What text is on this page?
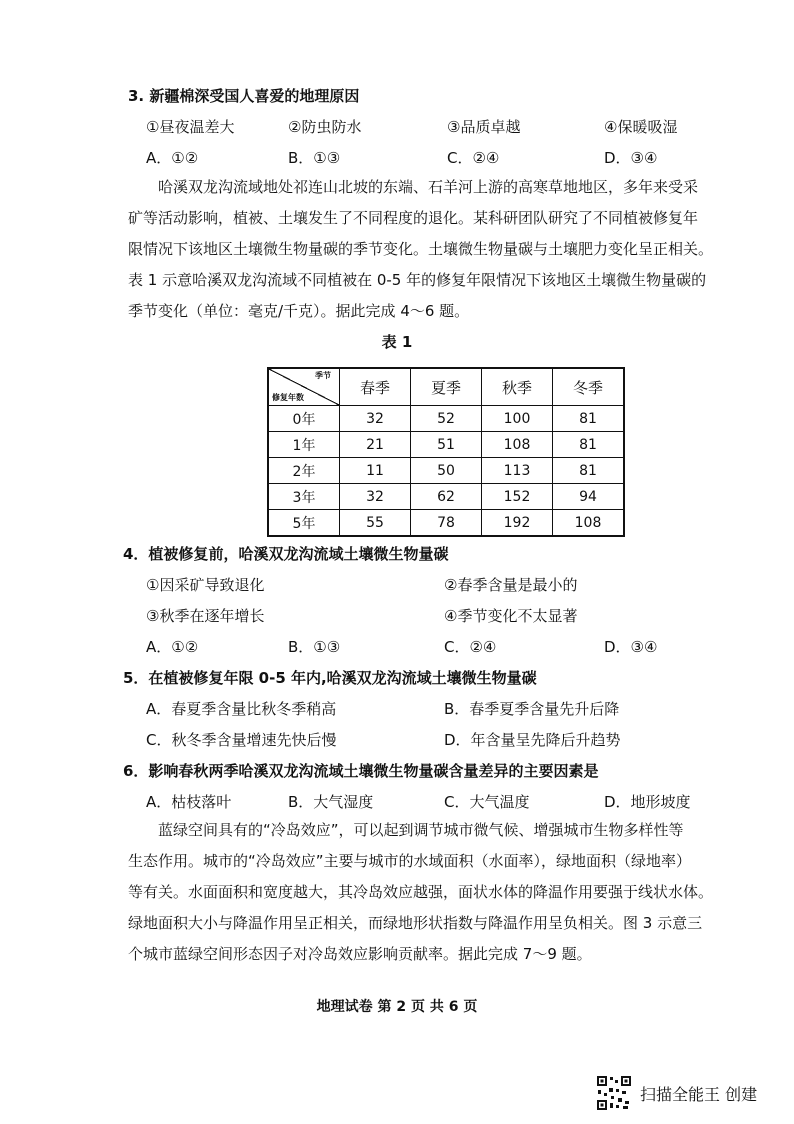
3. 新疆棉深受国人喜爱的地理原因
①昼夜温差大	②防虫防水	③品质卓越	④保暖吸湿
A．①②	B．①③	C．②④	D．③④

哈溪双龙沟流域地处祁连山北坡的东端、石羊河上游的高寒草地地区，多年来受采

矿等活动影响，植被、土壤发生了不同程度的退化。某科研团队研究了不同植被修复年

限情况下该地区土壤微生物量碳的季节变化。土壤微生物量碳与土壤肥力变化呈正相关。

表 1 示意哈溪双龙沟流域不同植被在 0-5 年的修复年限情况下该地区土壤微生物量碳的

季节变化（单位：毫克/千克）。据此完成 4～6 题。

表 1
季节
修复年数	春季	夏季	秋季	冬季
0年	32	52	100	81
1年	21	51	108	81
2年	11	50	113	81
3年	32	62	152	94
5年	55	78	192	108
4．植被修复前，哈溪双龙沟流域土壤微生物量碳
①因采矿导致退化	②春季含量是最小的
③秋季在逐年增长	④季节变化不太显著
A．①②	B．①③	C．②④	D．③④
5．在植被修复年限 0-5 年内,哈溪双龙沟流域土壤微生物量碳
A．春夏季含量比秋冬季稍高	B．春季夏季含量先升后降
C．秋冬季含量增速先快后慢	D．年含量呈先降后升趋势
6．影响春秋两季哈溪双龙沟流域土壤微生物量碳含量差异的主要因素是
A．枯枝落叶	B．大气湿度	C．大气温度	D．地形坡度

蓝绿空间具有的“冷岛效应”，可以起到调节城市微气候、增强城市生物多样性等

生态作用。城市的“冷岛效应”主要与城市的水域面积（水面率），绿地面积（绿地率）

等有关。水面面积和宽度越大，其冷岛效应越强，面状水体的降温作用要强于线状水体。

绿地面积大小与降温作用呈正相关，而绿地形状指数与降温作用呈负相关。图 3 示意三

个城市蓝绿空间形态因子对冷岛效应影响贡献率。据此完成 7～9 题。

地理试卷 第 2 页 共 6 页
扫描全能王 创建
